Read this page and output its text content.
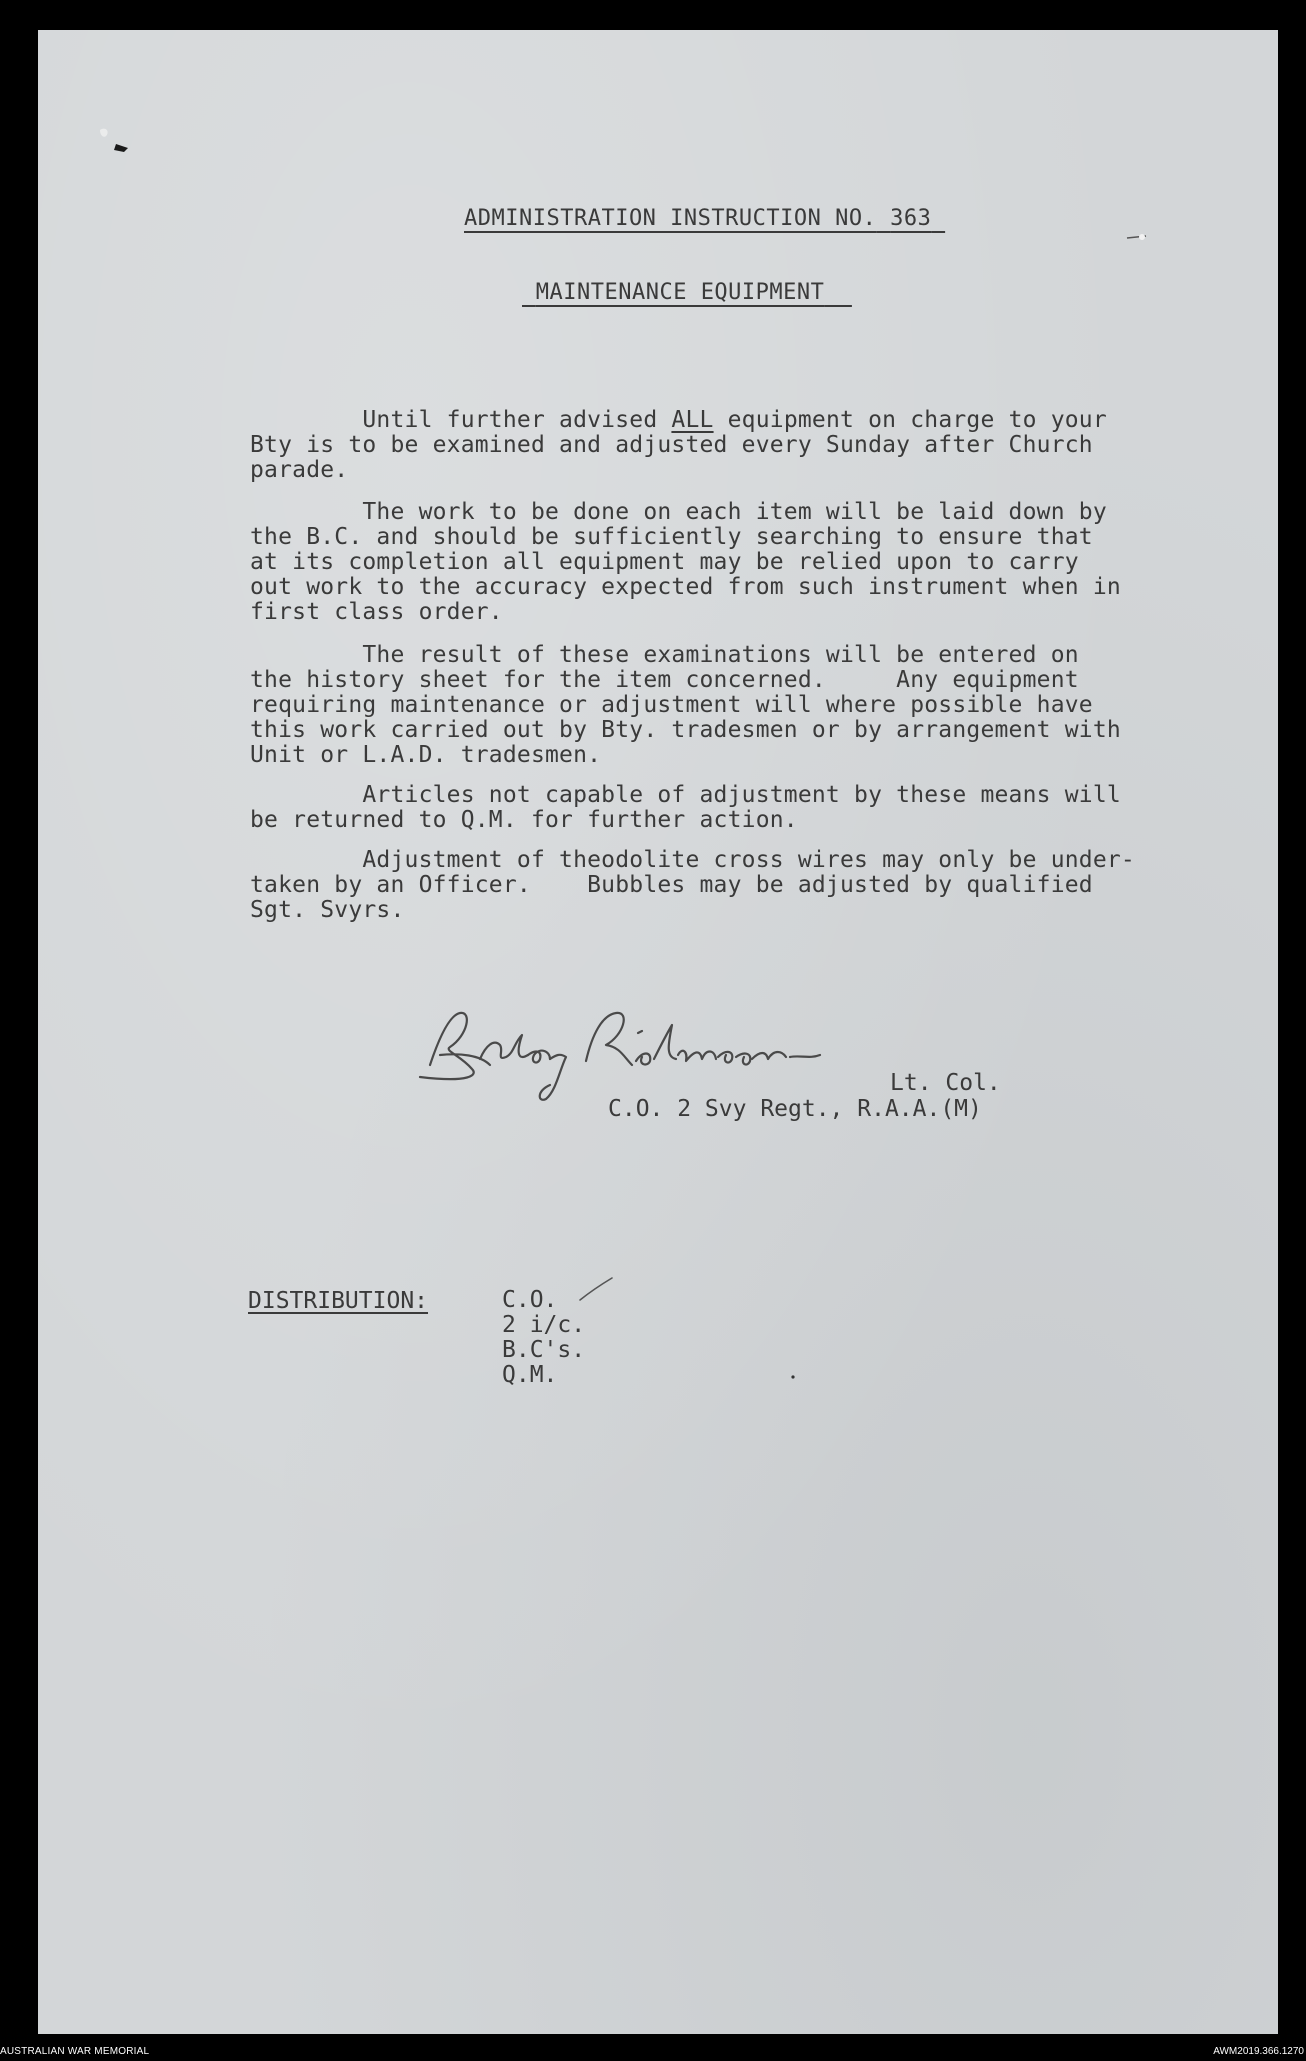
ADMINISTRATION INSTRUCTION NO. 363
MAINTENANCE EQUIPMENT
Until further advised ALL equipment on charge to your
Bty is to be examined and adjusted every Sunday after Church
parade.
The work to be done on each item will be laid down by
the B.C. and should be sufficiently searching to ensure that
at its completion all equipment may be relied upon to carry
out work to the accuracy expected from such instrument when in
first class order.
The result of these examinations will be entered on
the history sheet for the item concerned.     Any equipment
requiring maintenance or adjustment will where possible have
this work carried out by Bty. tradesmen or by arrangement with
Unit or L.A.D. tradesmen.
Articles not capable of adjustment by these means will
be returned to Q.M. for further action.
Adjustment of theodolite cross wires may only be under-
taken by an Officer.    Bubbles may be adjusted by qualified
Sgt. Svyrs.
Lt. Col.
C.O. 2 Svy Regt., R.A.A.(M)
DISTRIBUTION:	C.O.
2 i/c.
B.C's.
Q.M.
AUSTRALIAN WAR MEMORIAL	AWM2019.366.1270
